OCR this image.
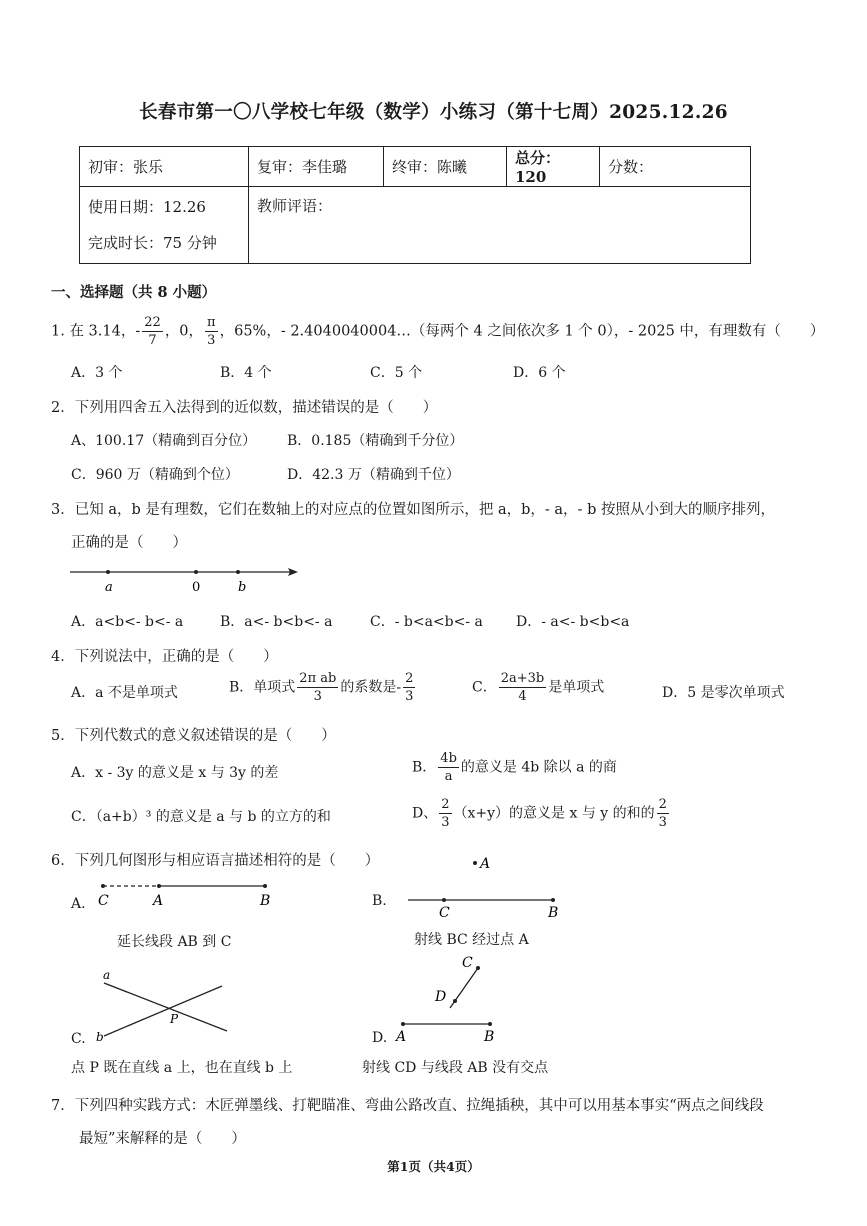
长春市第一〇八学校七年级（数学）小练习（第十七周）2025.12.26
初审：张乐	复审：李佳璐	终审：陈曦	总分：120	分数：

使用日期：12.26
完成时长：75 分钟	教师评语：			
一、选择题（共 8 小题）
1. 在 3.14，- $\frac{22}{7}$ ，0， $\frac{\pi}{3}$ ，65%，- 2.4040040004…（每两个 4 之间依次多 1 个 0），- 2025 中，有理数有（　　）
A．3 个	B．4 个	C．5 个	D．6 个
2．下列用四舍五入法得到的近似数，描述错误的是（　　）
A、100.17（精确到百分位） B．0.185（精确到千分位）
C．960 万（精确到个位）	D．42.3 万（精确到千位）
3．已知 a，b 是有理数，它们在数轴上的对应点的位置如图所示，把 a，b，- a，- b 按照从小到大的顺序排列，
正确的是（　　）
a	0	b
A．a<b<- b<- a	B．a<- b<b<- a	C．- b<a<b<- a D．- a<- b<b<a
4．下列说法中，正确的是（　　）
A．a 不是单项式	B．单项式 $\frac{\text{2π ab}}{3}$ 的系数是- $\frac{2}{3}$	C． $\frac{2a+3b}{4}$ 是单项式	D．5 是零次单项式
5．下列代数式的意义叙述错误的是（　　）
A．x - 3y 的意义是 x 与 3y 的差	B． $\frac{4b}{a}$ 的意义是 4b 除以 a 的商
C．（a+b）³ 的意义是 a 与 b 的立方的和	D、 $\frac{2}{3} (x+y)$的意义是 x 与 y 的和的 $\frac{2}{3}$
6．下列几何图形与相应语言描述相符的是（　　）
A. C	A	B
延长线段 AB 到 C
B.
A
C	B
射线 BC 经过点 A
C.
a
b
P
点 P 既在直线 a 上，也在直线 b 上
D.
C
D
A	B
射线 CD 与线段 AB 没有交点
7．下列四种实践方式：木匠弹墨线、打靶瞄准、弯曲公路改直、拉绳插秧，其中可以用基本事实“两点之间线段
最短”来解释的是（　　）
第1页（共4页）
